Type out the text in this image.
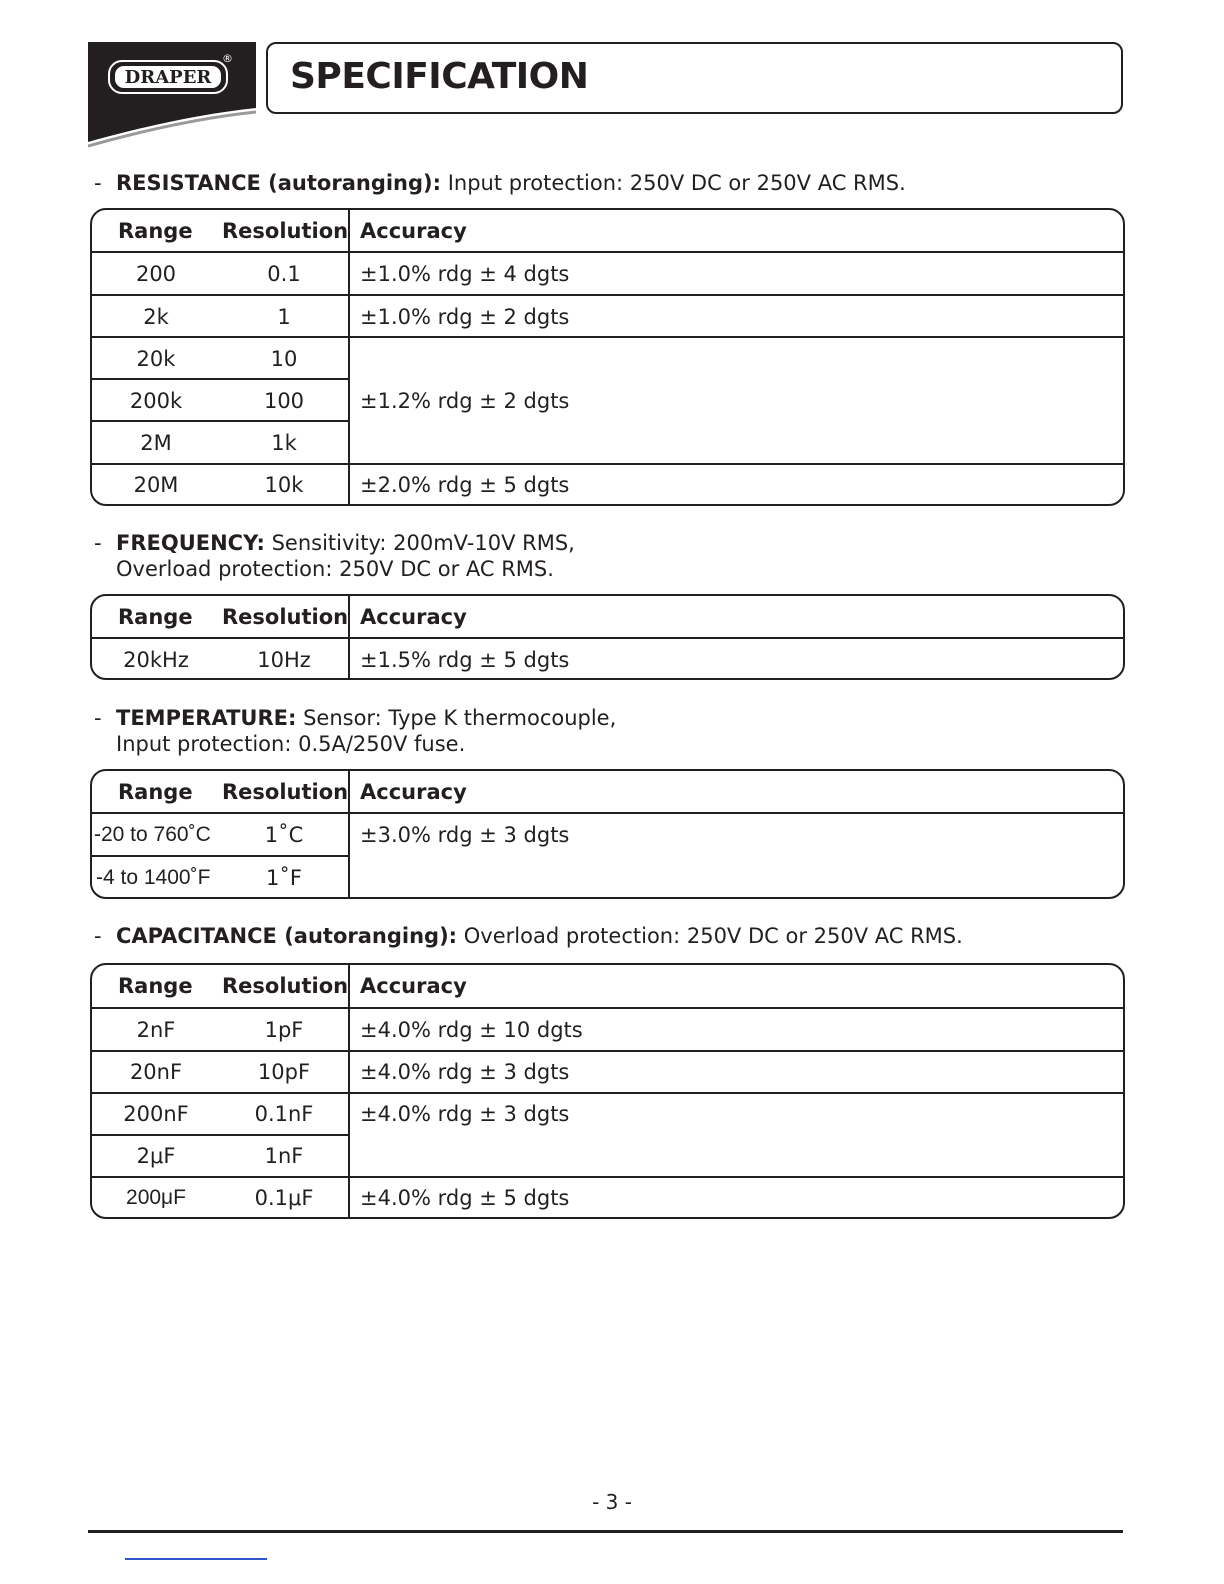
DRAPER
® SPECIFICATION
- RESISTANCE (autoranging): Input protection: 250V DC or 250V AC RMS.
Range Resolution Accuracy
200	0.1	±1.0% rdg ± 4 dgts
2k	1	±1.0% rdg ± 2 dgts
20k	10
200k	100	±1.2% rdg ± 2 dgts
2M	1k
20M	10k	±2.0% rdg ± 5 dgts
- FREQUENCY: Sensitivity: 200mV-10V RMS,
Overload protection: 250V DC or AC RMS.
Range Resolution Accuracy
20kHz	10Hz	±1.5% rdg ± 5 dgts
- TEMPERATURE: Sensor: Type K thermocouple,
Input protection: 0.5A/250V fuse.
Range Resolution Accuracy
-20 to 760˚C	1˚C	±3.0% rdg ± 3 dgts
-4 to 1400˚F	1˚F
- CAPACITANCE (autoranging): Overload protection: 250V DC or 250V AC RMS.
Range Resolution Accuracy
2nF	1pF	±4.0% rdg ± 10 dgts
20nF	10pF	±4.0% rdg ± 3 dgts
200nF	0.1nF	±4.0% rdg ± 3 dgts
2μF	1nF
200μF	0.1μF	±4.0% rdg ± 5 dgts
- 3 -
